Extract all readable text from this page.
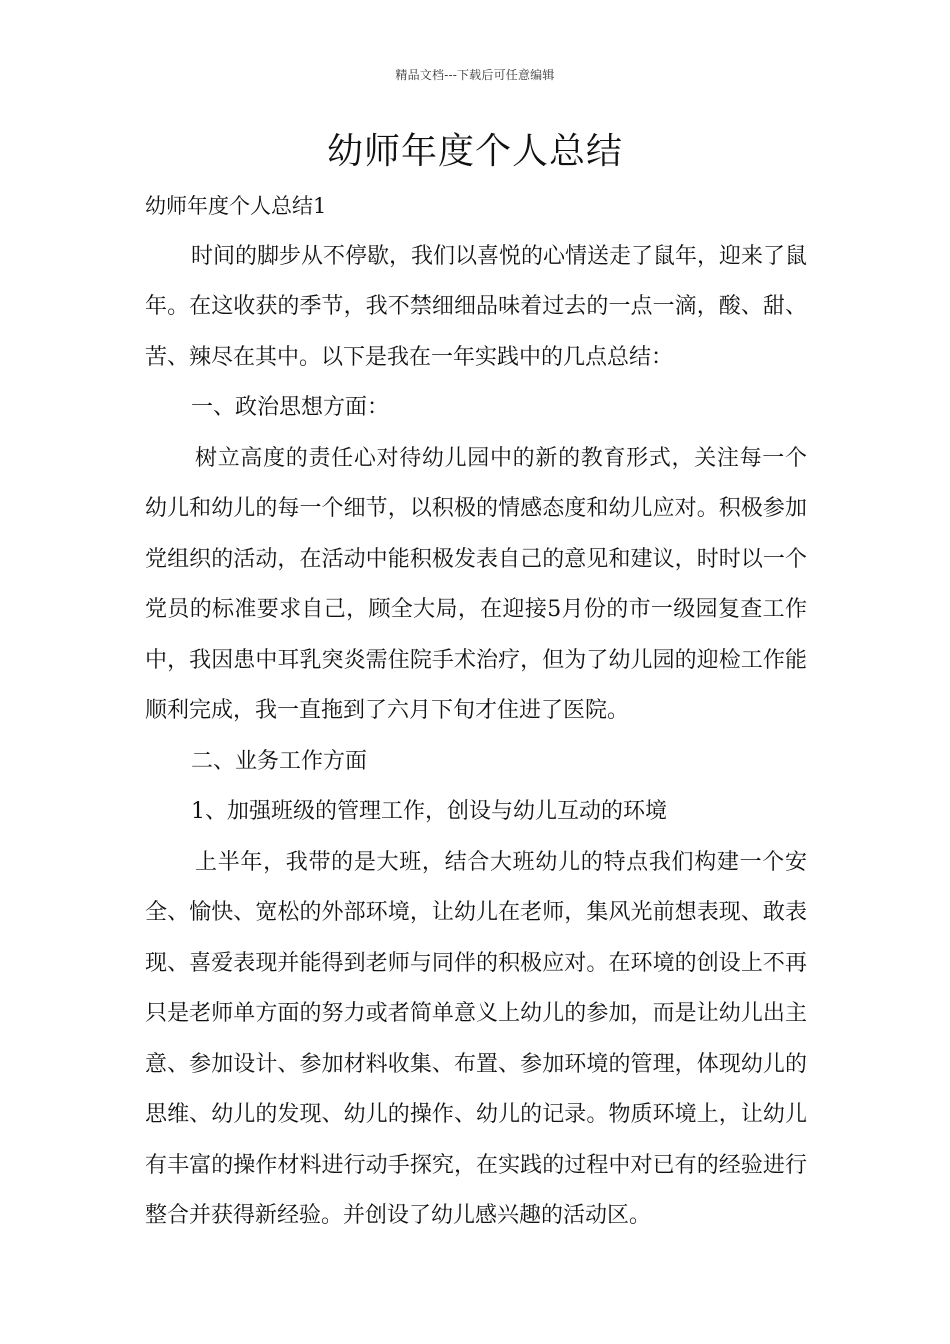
精品文档---下载后可任意编辑
幼师年度个人总结

幼师年度个人总结1

时间的脚步从不停歇，我们以喜悦的心情送走了鼠年，迎来了鼠年。在这收获的季节，我不禁细细品味着过去的一点一滴，酸、甜、苦、辣尽在其中。以下是我在一年实践中的几点总结：

一、政治思想方面：

树立高度的责任心对待幼儿园中的新的教育形式，关注每一个幼儿和幼儿的每一个细节，以积极的情感态度和幼儿应对。积极参加党组织的活动，在活动中能积极发表自己的意见和建议，时时以一个党员的标准要求自己，顾全大局，在迎接5月份的市一级园复查工作中，我因患中耳乳突炎需住院手术治疗，但为了幼儿园的迎检工作能顺利完成，我一直拖到了六月下旬才住进了医院。

二、业务工作方面

1、加强班级的管理工作，创设与幼儿互动的环境

上半年，我带的是大班，结合大班幼儿的特点我们构建一个安全、愉快、宽松的外部环境，让幼儿在老师，集风光前想表现、敢表现、喜爱表现并能得到老师与同伴的积极应对。在环境的创设上不再只是老师单方面的努力或者简单意义上幼儿的参加，而是让幼儿出主意、参加设计、参加材料收集、布置、参加环境的管理，体现幼儿的思维、幼儿的发现、幼儿的操作、幼儿的记录。物质环境上，让幼儿有丰富的操作材料进行动手探究，在实践的过程中对已有的经验进行整合并获得新经验。并创设了幼儿感兴趣的活动区。
